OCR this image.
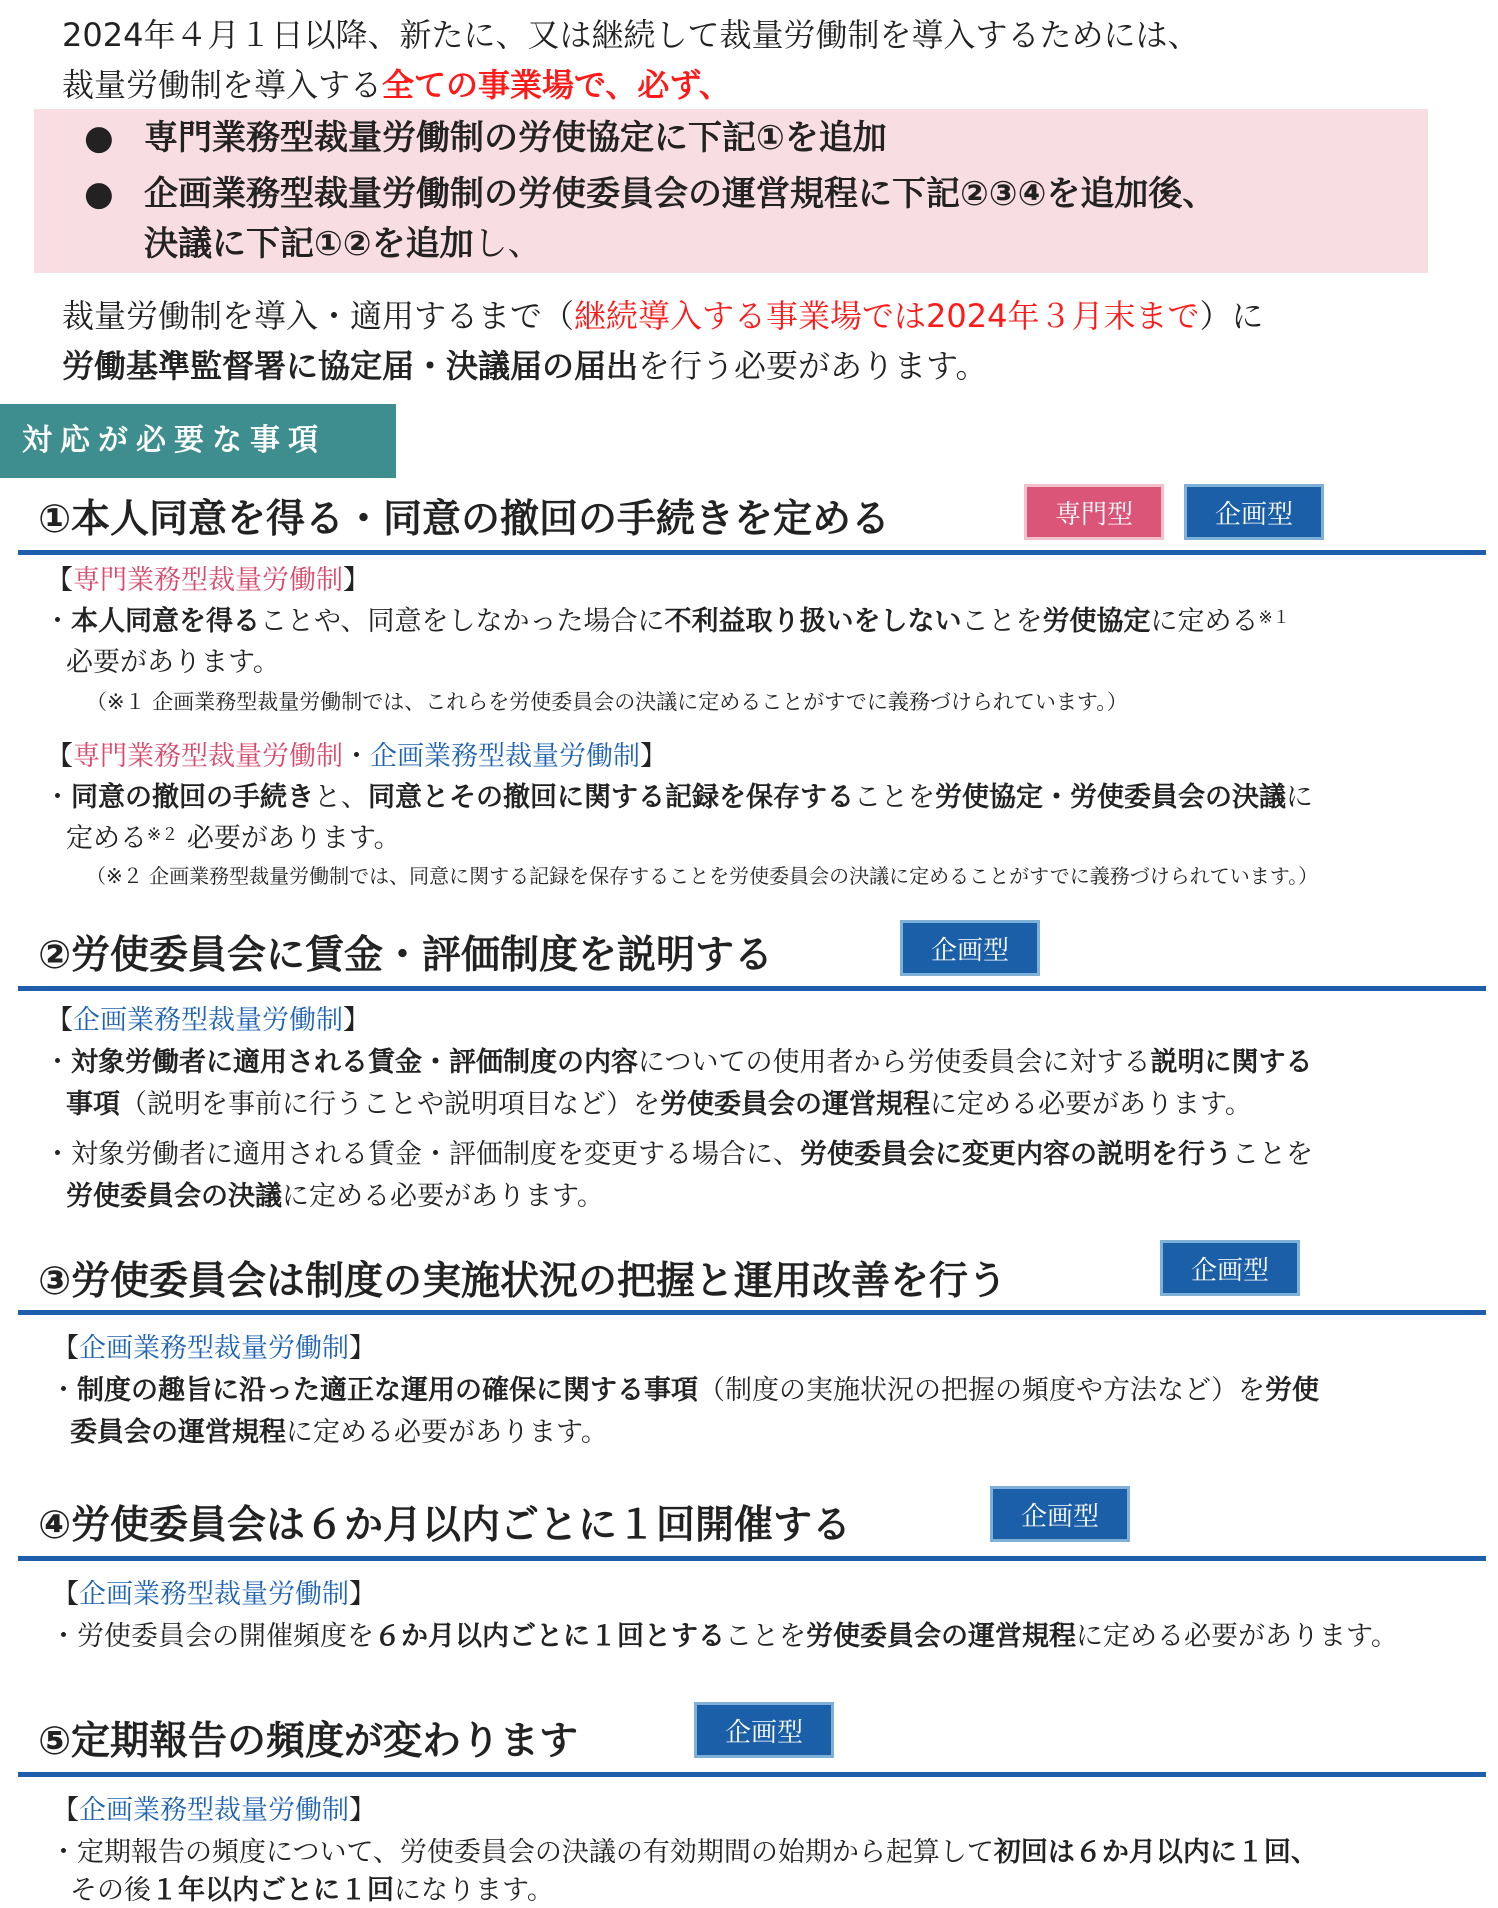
2024年４月１日以降、新たに、又は継続して裁量労働制を導入するためには、
裁量労働制を導入する全ての事業場で、必ず、
● 専門業務型裁量労働制の労使協定に下記①を追加
● 企画業務型裁量労働制の労使委員会の運営規程に下記②③④を追加後、
決議に下記①②を追加し、
裁量労働制を導入・適用するまで（継続導入する事業場では2024年３月末まで）に
労働基準監督署に協定届・決議届の届出を行う必要があります。
対応が必要な事項
①本人同意を得る・同意の撤回の手続きを定める	専門型	企画型
【専門業務型裁量労働制】
・本人同意を得ることや、同意をしなかった場合に不利益取り扱いをしないことを労使協定に定める$^{※1}$
必要があります。
（※１ 企画業務型裁量労働制では、これらを労使委員会の決議に定めることがすでに義務づけられています。）
【専門業務型裁量労働制・企画業務型裁量労働制】
・同意の撤回の手続きと、同意とその撤回に関する記録を保存することを労使協定・労使委員会の決議に
定める$^{※2}$ 必要があります。
（※２ 企画業務型裁量労働制では、同意に関する記録を保存することを労使委員会の決議に定めることがすでに義務づけられています。）
②労使委員会に賃金・評価制度を説明する	企画型
【企画業務型裁量労働制】
・対象労働者に適用される賃金・評価制度の内容についての使用者から労使委員会に対する説明に関する
事項（説明を事前に行うことや説明項目など）を労使委員会の運営規程に定める必要があります。
・対象労働者に適用される賃金・評価制度を変更する場合に、労使委員会に変更内容の説明を行うことを
労使委員会の決議に定める必要があります。
③労使委員会は制度の実施状況の把握と運用改善を行う	企画型
【企画業務型裁量労働制】
・制度の趣旨に沿った適正な運用の確保に関する事項（制度の実施状況の把握の頻度や方法など）を労使
委員会の運営規程に定める必要があります。
④労使委員会は６か月以内ごとに１回開催する	企画型
【企画業務型裁量労働制】
・労使委員会の開催頻度を６か月以内ごとに１回とすることを労使委員会の運営規程に定める必要があります。
⑤定期報告の頻度が変わります	企画型
【企画業務型裁量労働制】
・定期報告の頻度について、労使委員会の決議の有効期間の始期から起算して初回は６か月以内に１回、
その後１年以内ごとに１回になります。
